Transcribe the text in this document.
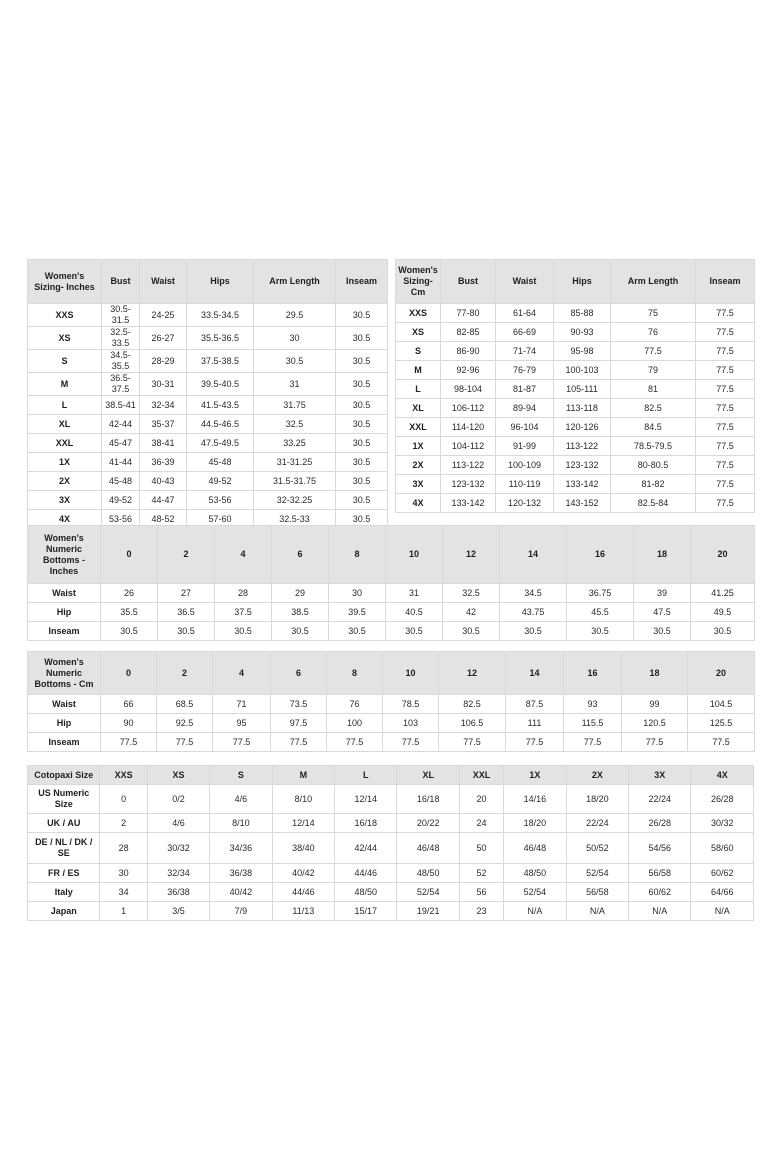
Women's Sizing- Inches	Bust	Waist	Hips	Arm Length	Inseam
XXS	30.5-31.5	24-25	33.5-34.5	29.5	30.5
XS	32.5-33.5	26-27	35.5-36.5	30	30.5
S	34.5-35.5	28-29	37.5-38.5	30.5	30.5
M	36.5-37.5	30-31	39.5-40.5	31	30.5
L	38.5-41	32-34	41.5-43.5	31.75	30.5
XL	42-44	35-37	44.5-46.5	32.5	30.5
XXL	45-47	38-41	47.5-49.5	33.25	30.5
1X	41-44	36-39	45-48	31-31.25	30.5
2X	45-48	40-43	49-52	31.5-31.75	30.5
3X	49-52	44-47	53-56	32-32.25	30.5
4X	53-56	48-52	57-60	32.5-33	30.5
Women's Sizing- Cm	Bust	Waist	Hips	Arm Length	Inseam
XXS	77-80	61-64	85-88	75	77.5
XS	82-85	66-69	90-93	76	77.5
S	86-90	71-74	95-98	77.5	77.5
M	92-96	76-79	100-103	79	77.5
L	98-104	81-87	105-111	81	77.5
XL	106-112	89-94	113-118	82.5	77.5
XXL	114-120	96-104	120-126	84.5	77.5
1X	104-112	91-99	113-122	78.5-79.5	77.5
2X	113-122	100-109	123-132	80-80.5	77.5
3X	123-132	110-119	133-142	81-82	77.5
4X	133-142	120-132	143-152	82.5-84	77.5
Women's Numeric Bottoms - Inches	0	2	4	6	8	10	12	14	16	18	20
Waist	26	27	28	29	30	31	32.5	34.5	36.75	39	41.25
Hip	35.5	36.5	37.5	38.5	39.5	40.5	42	43.75	45.5	47.5	49.5
Inseam	30.5	30.5	30.5	30.5	30.5	30.5	30.5	30.5	30.5	30.5	30.5
Women's Numeric Bottoms - Cm	0	2	4	6	8	10	12	14	16	18	20
Waist	66	68.5	71	73.5	76	78.5	82.5	87.5	93	99	104.5
Hip	90	92.5	95	97.5	100	103	106.5	111	115.5	120.5	125.5
Inseam	77.5	77.5	77.5	77.5	77.5	77.5	77.5	77.5	77.5	77.5	77.5
Cotopaxi Size	XXS	XS	S	M	L	XL	XXL	1X	2X	3X	4X
US Numeric Size	0	0/2	4/6	8/10	12/14	16/18	20	14/16	18/20	22/24	26/28
UK / AU	2	4/6	8/10	12/14	16/18	20/22	24	18/20	22/24	26/28	30/32
DE / NL / DK / SE	28	30/32	34/36	38/40	42/44	46/48	50	46/48	50/52	54/56	58/60
FR / ES	30	32/34	36/38	40/42	44/46	48/50	52	48/50	52/54	56/58	60/62
Italy	34	36/38	40/42	44/46	48/50	52/54	56	52/54	56/58	60/62	64/66
Japan	1	3/5	7/9	11/13	15/17	19/21	23	N/A	N/A	N/A	N/A
